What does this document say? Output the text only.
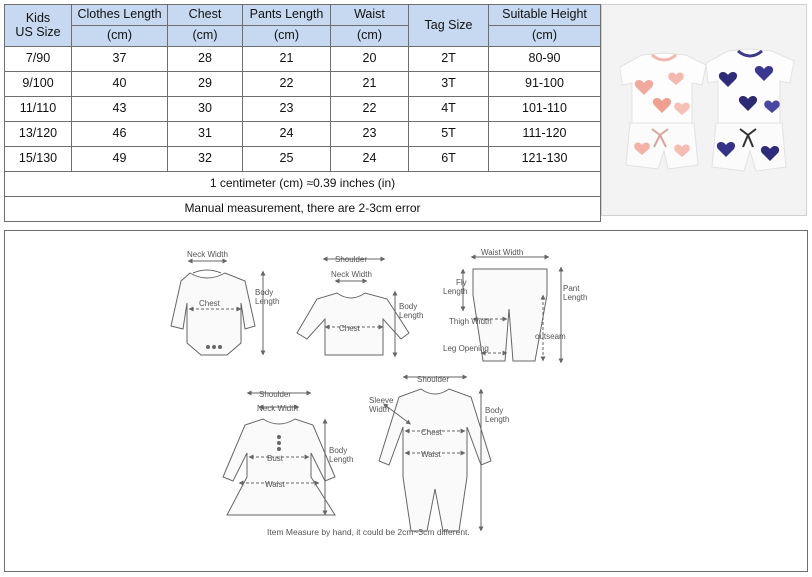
Kids
US Size	Clothes Length	Chest	Pants Length	Waist	Tag Size	Suitable Height
	(cm)	(cm)	(cm)	(cm)		(cm)
7/90	37	28	21	20	2T	80-90
9/100	40	29	22	21	3T	91-100
11/110	43	30	23	22	4T	101-110
13/120	46	31	24	23	5T	111-120
15/130	49	32	25	24	6T	121-130
1 centimeter (cm) ≈0.39 inches (in)						
Manual measurement, there are 2-3cm error						
Neck Width
Body
Length
Chest
Shoulder
Neck Width
Body
Length
Chest
Waist Width
Fly
Length	Pant
Length
Thigh Width
outseam
Leg Opening
Shoulder
Neck Width
Bust
Waist
Body
Length
Shoulder
Sleeve
Width
Chest
Waist
Body
Length
Item Measure by hand, it could be 2cm~3cm different.
